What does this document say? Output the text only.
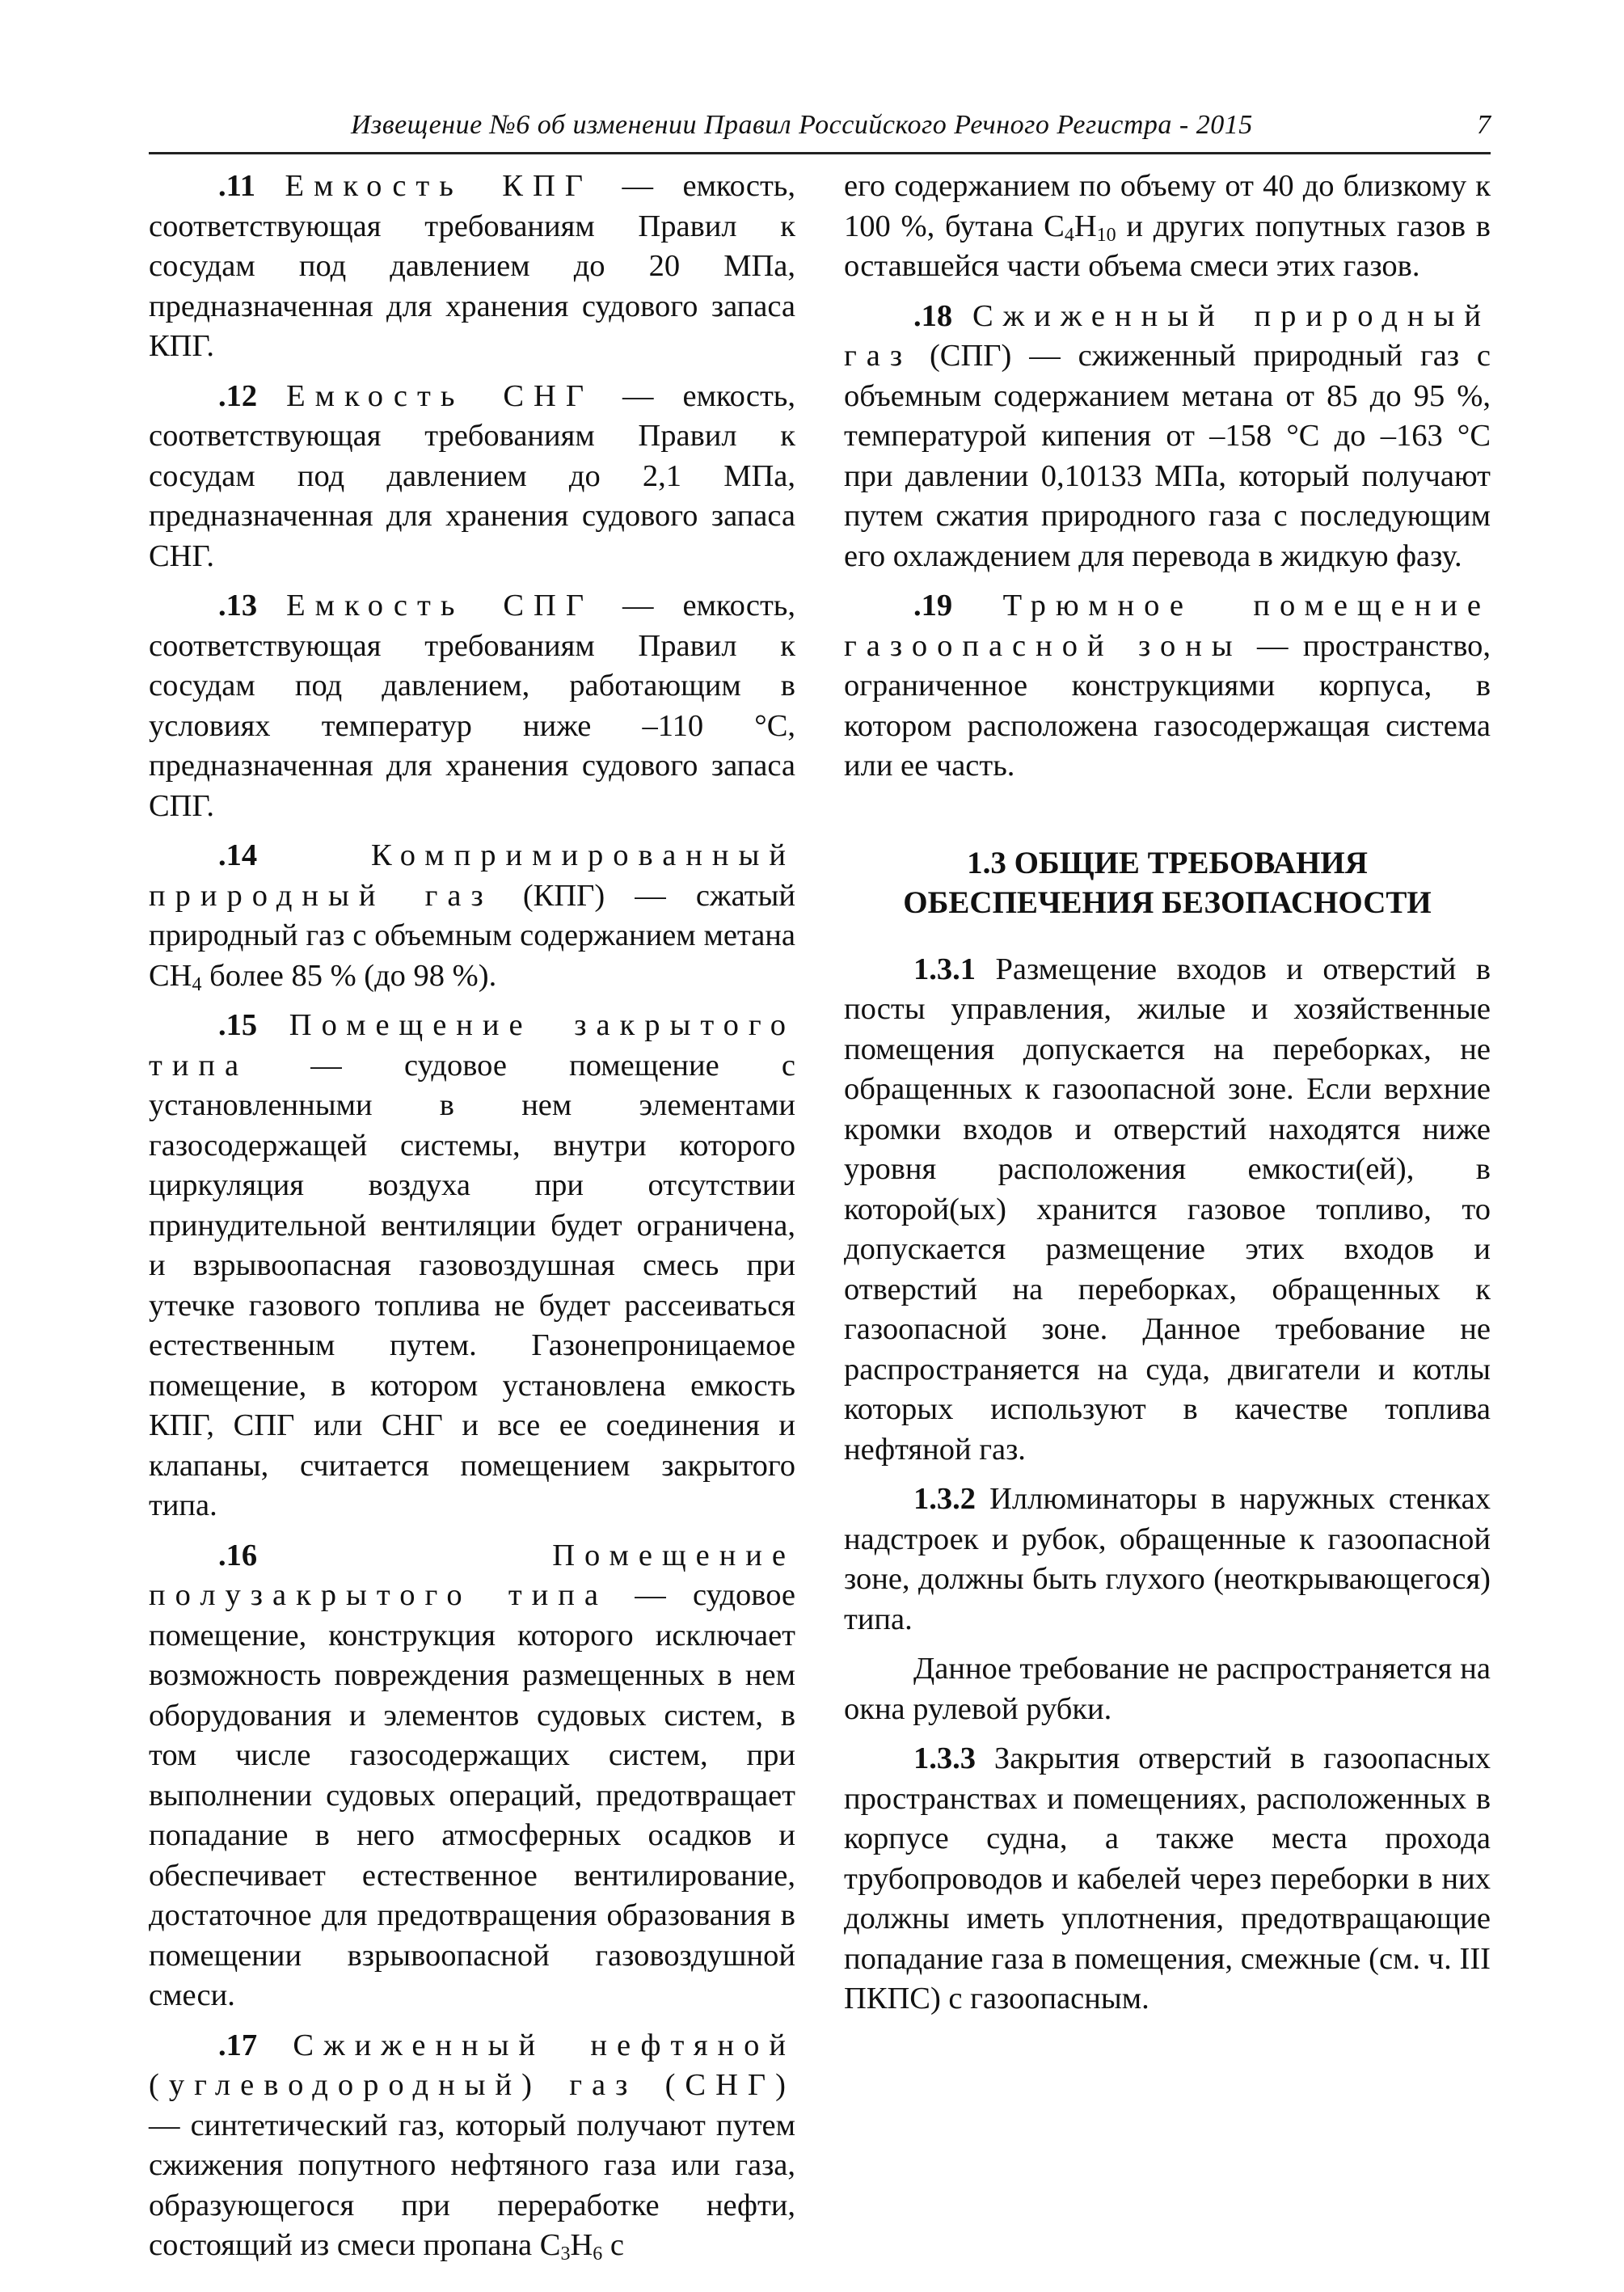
Извещение №6 об изменении Правил Российского Речного Регистра - 2015	7

.11 Емкость КПГ — емкость, соответствующая требованиям Правил к сосудам под давлением до 20 МПа, предназначенная для хранения судового запаса КПГ.

.12 Емкость СНГ — емкость, соответствующая требованиям Правил к сосудам под давлением до 2,1 МПа, предназначенная для хранения судового запаса СНГ.

.13 Емкость СПГ — емкость, соответствующая требованиям Правил к сосудам под давлением, работающим в условиях температур ниже –110 °С, предназначенная для хранения судового запаса СПГ.

.14	Компримированный природный газ (КПГ) — сжатый природный газ с объемным содержанием метана $СН_4$ более 85 % (до 98 %).

.15 Помещение закрытого типа — судовое помещение с установленными в нем элементами газосодержащей системы, внутри которого циркуляция воздуха при отсутствии принудительной вентиляции будет ограничена, и взрывоопасная газовоздушная смесь при утечке газового топлива не будет рассеиваться естественным путем. Газонепроницаемое помещение, в котором установлена емкость КПГ, СПГ или СНГ и все ее соединения и клапаны, считается помещением закрытого типа.

.16	Помещение полузакрытого типа — судовое помещение, конструкция которого исключает возможность повреждения размещенных в нем оборудования и элементов судовых систем, в том числе газосодержащих систем, при выполнении судовых операций, предотвращает попадание в него атмосферных осадков и обеспечивает естественное вентилирование, достаточное для предотвращения образования в помещении взрывоопасной газовоздушной смеси.

.17 Сжиженный нефтяной (углеводородный) газ (СНГ) — синтетический газ, который получают путем сжижения попутного нефтяного газа или газа, образующегося при переработке нефти, состоящий из смеси пропана $С_3Н_6$ с

его содержанием по объему от 40 до близкому к 100 %, бутана $С_4Н_{10}$ и других попутных газов в оставшейся части объема смеси этих газов.

.18 Сжиженный природный газ (СПГ) — сжиженный природный газ с объемным содержанием метана от 85 до 95 %, температурой кипения от –158 °С до –163 °С при давлении 0,10133 МПа, который получают путем сжатия природного газа с последующим его охлаждением для перевода в жидкую фазу.

.19 Трюмное помещение газоопасной зоны — пространство, ограниченное конструкциями корпуса, в котором расположена газосодержащая система или ее часть.

1.3 ОБЩИЕ ТРЕБОВАНИЯ
ОБЕСПЕЧЕНИЯ БЕЗОПАСНОСТИ

1.3.1 Размещение входов и отверстий в посты управления, жилые и хозяйственные помещения допускается на переборках, не обращенных к газоопасной зоне. Если верхние кромки входов и отверстий находятся ниже уровня расположения емкости(ей), в которой(ых) хранится газовое топливо, то допускается размещение этих входов и отверстий на переборках, обращенных к газоопасной зоне. Данное требование не распространяется на суда, двигатели и котлы которых используют в качестве топлива нефтяной газ.

1.3.2 Иллюминаторы в наружных стенках надстроек и рубок, обращенные к газоопасной зоне, должны быть глухого (неоткрывающегося) типа.

Данное требование не распространяется на окна рулевой рубки.

1.3.3 Закрытия отверстий в газоопасных пространствах и помещениях, расположенных в корпусе судна, а также места прохода трубопроводов и кабелей через переборки в них должны иметь уплотнения, предотвращающие попадание газа в помещения, смежные (см. ч. III ПКПС) с газоопасным.
